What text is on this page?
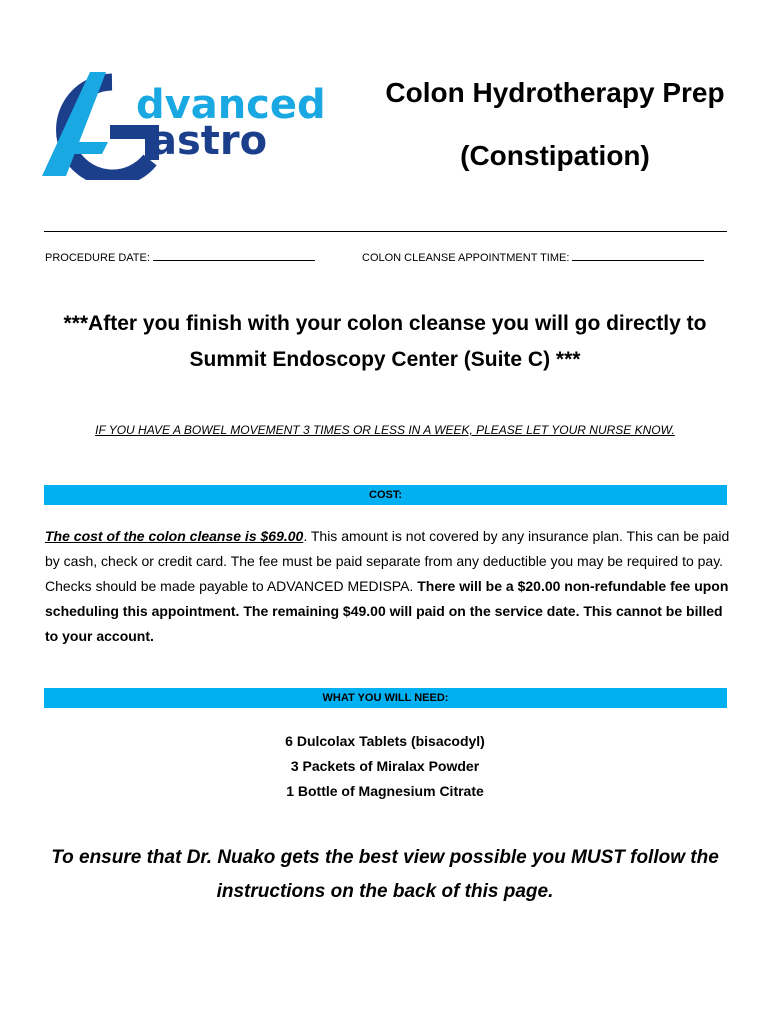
dvanced
astro
Colon Hydrotherapy Prep
(Constipation)
PROCEDURE DATE:	COLON CLEANSE APPOINTMENT TIME:
***After you finish with your colon cleanse you will go directly to Summit Endoscopy Center (Suite C) ***
IF YOU HAVE A BOWEL MOVEMENT 3 TIMES OR LESS IN A WEEK, PLEASE LET YOUR NURSE KNOW.
COST:

The cost of the colon cleanse is $69.00. This amount is not covered by any insurance plan. This can be paid by cash, check or credit card. The fee must be paid separate from any deductible you may be required to pay. Checks should be made payable to ADVANCED MEDISPA. There will be a $20.00 non-refundable fee upon scheduling this appointment. The remaining $49.00 will paid on the service date. This cannot be billed to your account.

WHAT YOU WILL NEED:
6 Dulcolax Tablets (bisacodyl)
3 Packets of Miralax Powder
1 Bottle of Magnesium Citrate
To ensure that Dr. Nuako gets the best view possible you MUST follow the instructions on the back of this page.
